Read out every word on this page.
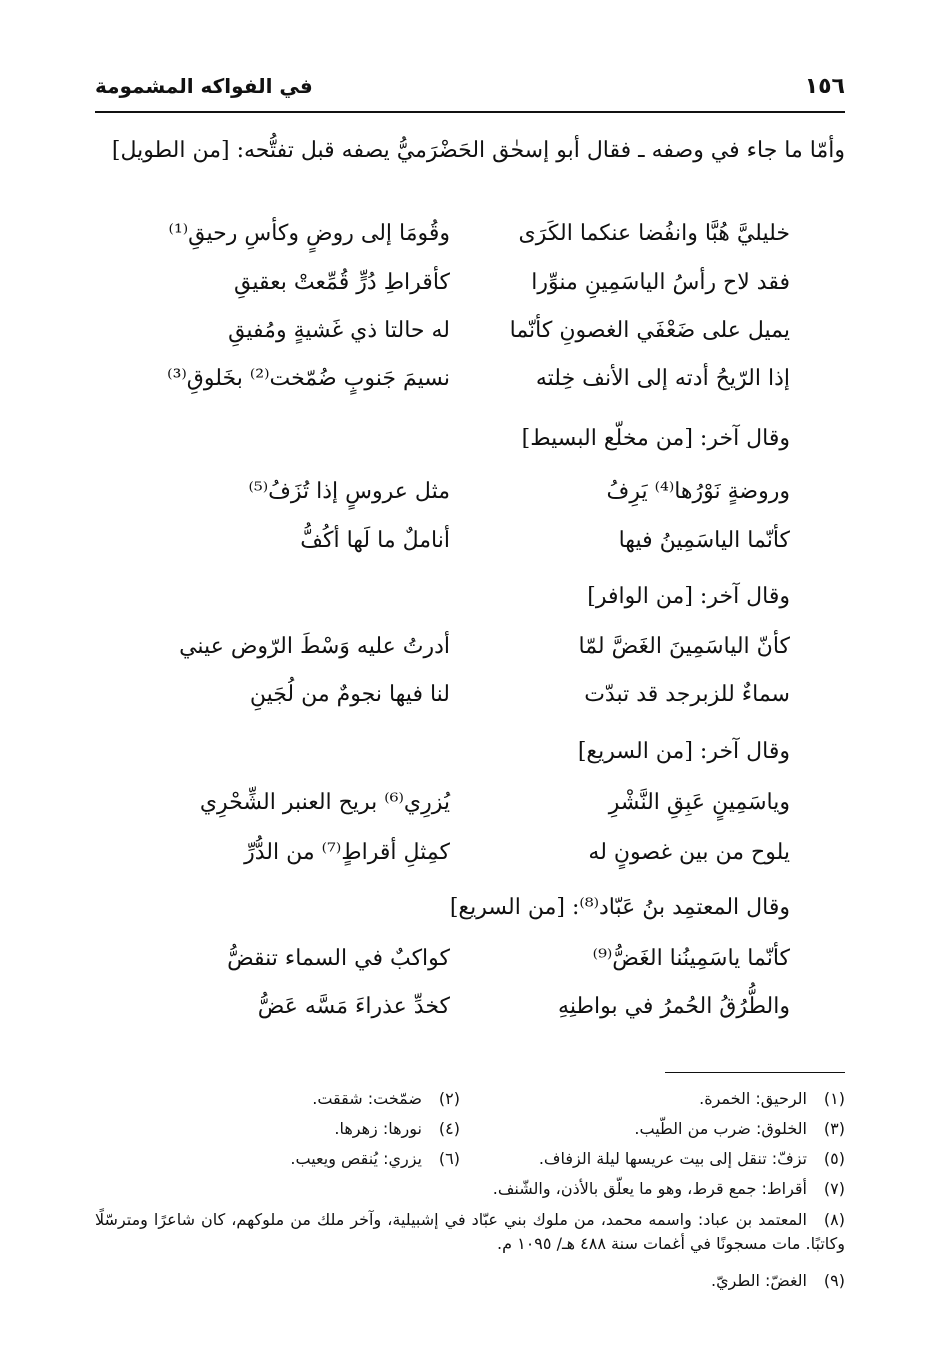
١٥٦
في الفواكه المشمومة
وأمّا ما جاء في وصفه ـ فقال أبو إسحٰق الحَضْرَميُّ يصفه قبل تفتُّحه: [من الطويل]
خليليَّ هُبَّا وانفُضا عنكما الكَرَى
وقُومَا إلى روضٍ وكأسِ رحيقِ⁽¹⁾
فقد لاح رأسُ الياسَمِينِ منوِّرا
كأقراطِ دُرٍّ قُمِّعتْ بعقيقِ
يميل على ضَعْفَي الغصونِ كأنّما
له حالتا ذي غَشيةٍ ومُفيقِ
إذا الرّيحُ أدته إلى الأنف خِلته
نسيمَ جَنوبٍ ضُمّخت⁽²⁾ بخَلوقِ⁽³⁾
وقال آخر: [من مخلّع البسيط]
وروضةٍ نَوْرُها⁽⁴⁾ يَرِفُ
مثل عروسٍ إذا تُزَفُ⁽⁵⁾
كأنّما الياسَمِينُ فيها
أناملٌ ما لَها أكُفُّ
وقال آخر: [من الوافر]
كأنّ الياسَمِينَ الغَضَّ لمّا
أدرتُ عليه وَسْطَ الرّوض عيني
سماءٌ للزبرجد قد تبدّت
لنا فيها نجومٌ من لُجَينِ
وقال آخر: [من السريع]
وياسَمِينٍ عَبِقِ النَّشْرِ
يُزرِي⁽⁶⁾ بريح العنبر الشِّحْرِي
يلوح من بين غصونٍ له
كمِثلِ أقراطٍ⁽⁷⁾ من الدُّرِّ
وقال المعتمِد بنُ عَبّاد⁽⁸⁾: [من السريع]
كأنّما ياسَمِينُنا الغَضُّ⁽⁹⁾
كواكبٌ في السماء تنقضُّ
والطُّرُقُ الحُمرُ في بواطنِهِ
كخدِّ عذراءَ مَسَّه عَضُّ
(١)الرحيق: الخمرة.
(٢)ضمّخت: شققت.
(٣)الخلوق: ضرب من الطّيب.
(٤)نورها: زهرها.
(٥)تزفّ: تنقل إلى بيت عريسها ليلة الزفاف.
(٦)يزري: يُنقص ويعيب.
(٧)أقراط: جمع قرط، وهو ما يعلّق بالأذن، والشّنف.
(٨)المعتمد بن عباد: واسمه محمد، من ملوك بني عبّاد في إشبيلية، وآخر ملك من ملوكهم، كان شاعرًا ومترسّلًا وكاتبًا. مات مسجونًا في أغمات سنة ٤٨٨ هـ/ ١٠٩٥ م.
(٩)الغضّ: الطريّ.
